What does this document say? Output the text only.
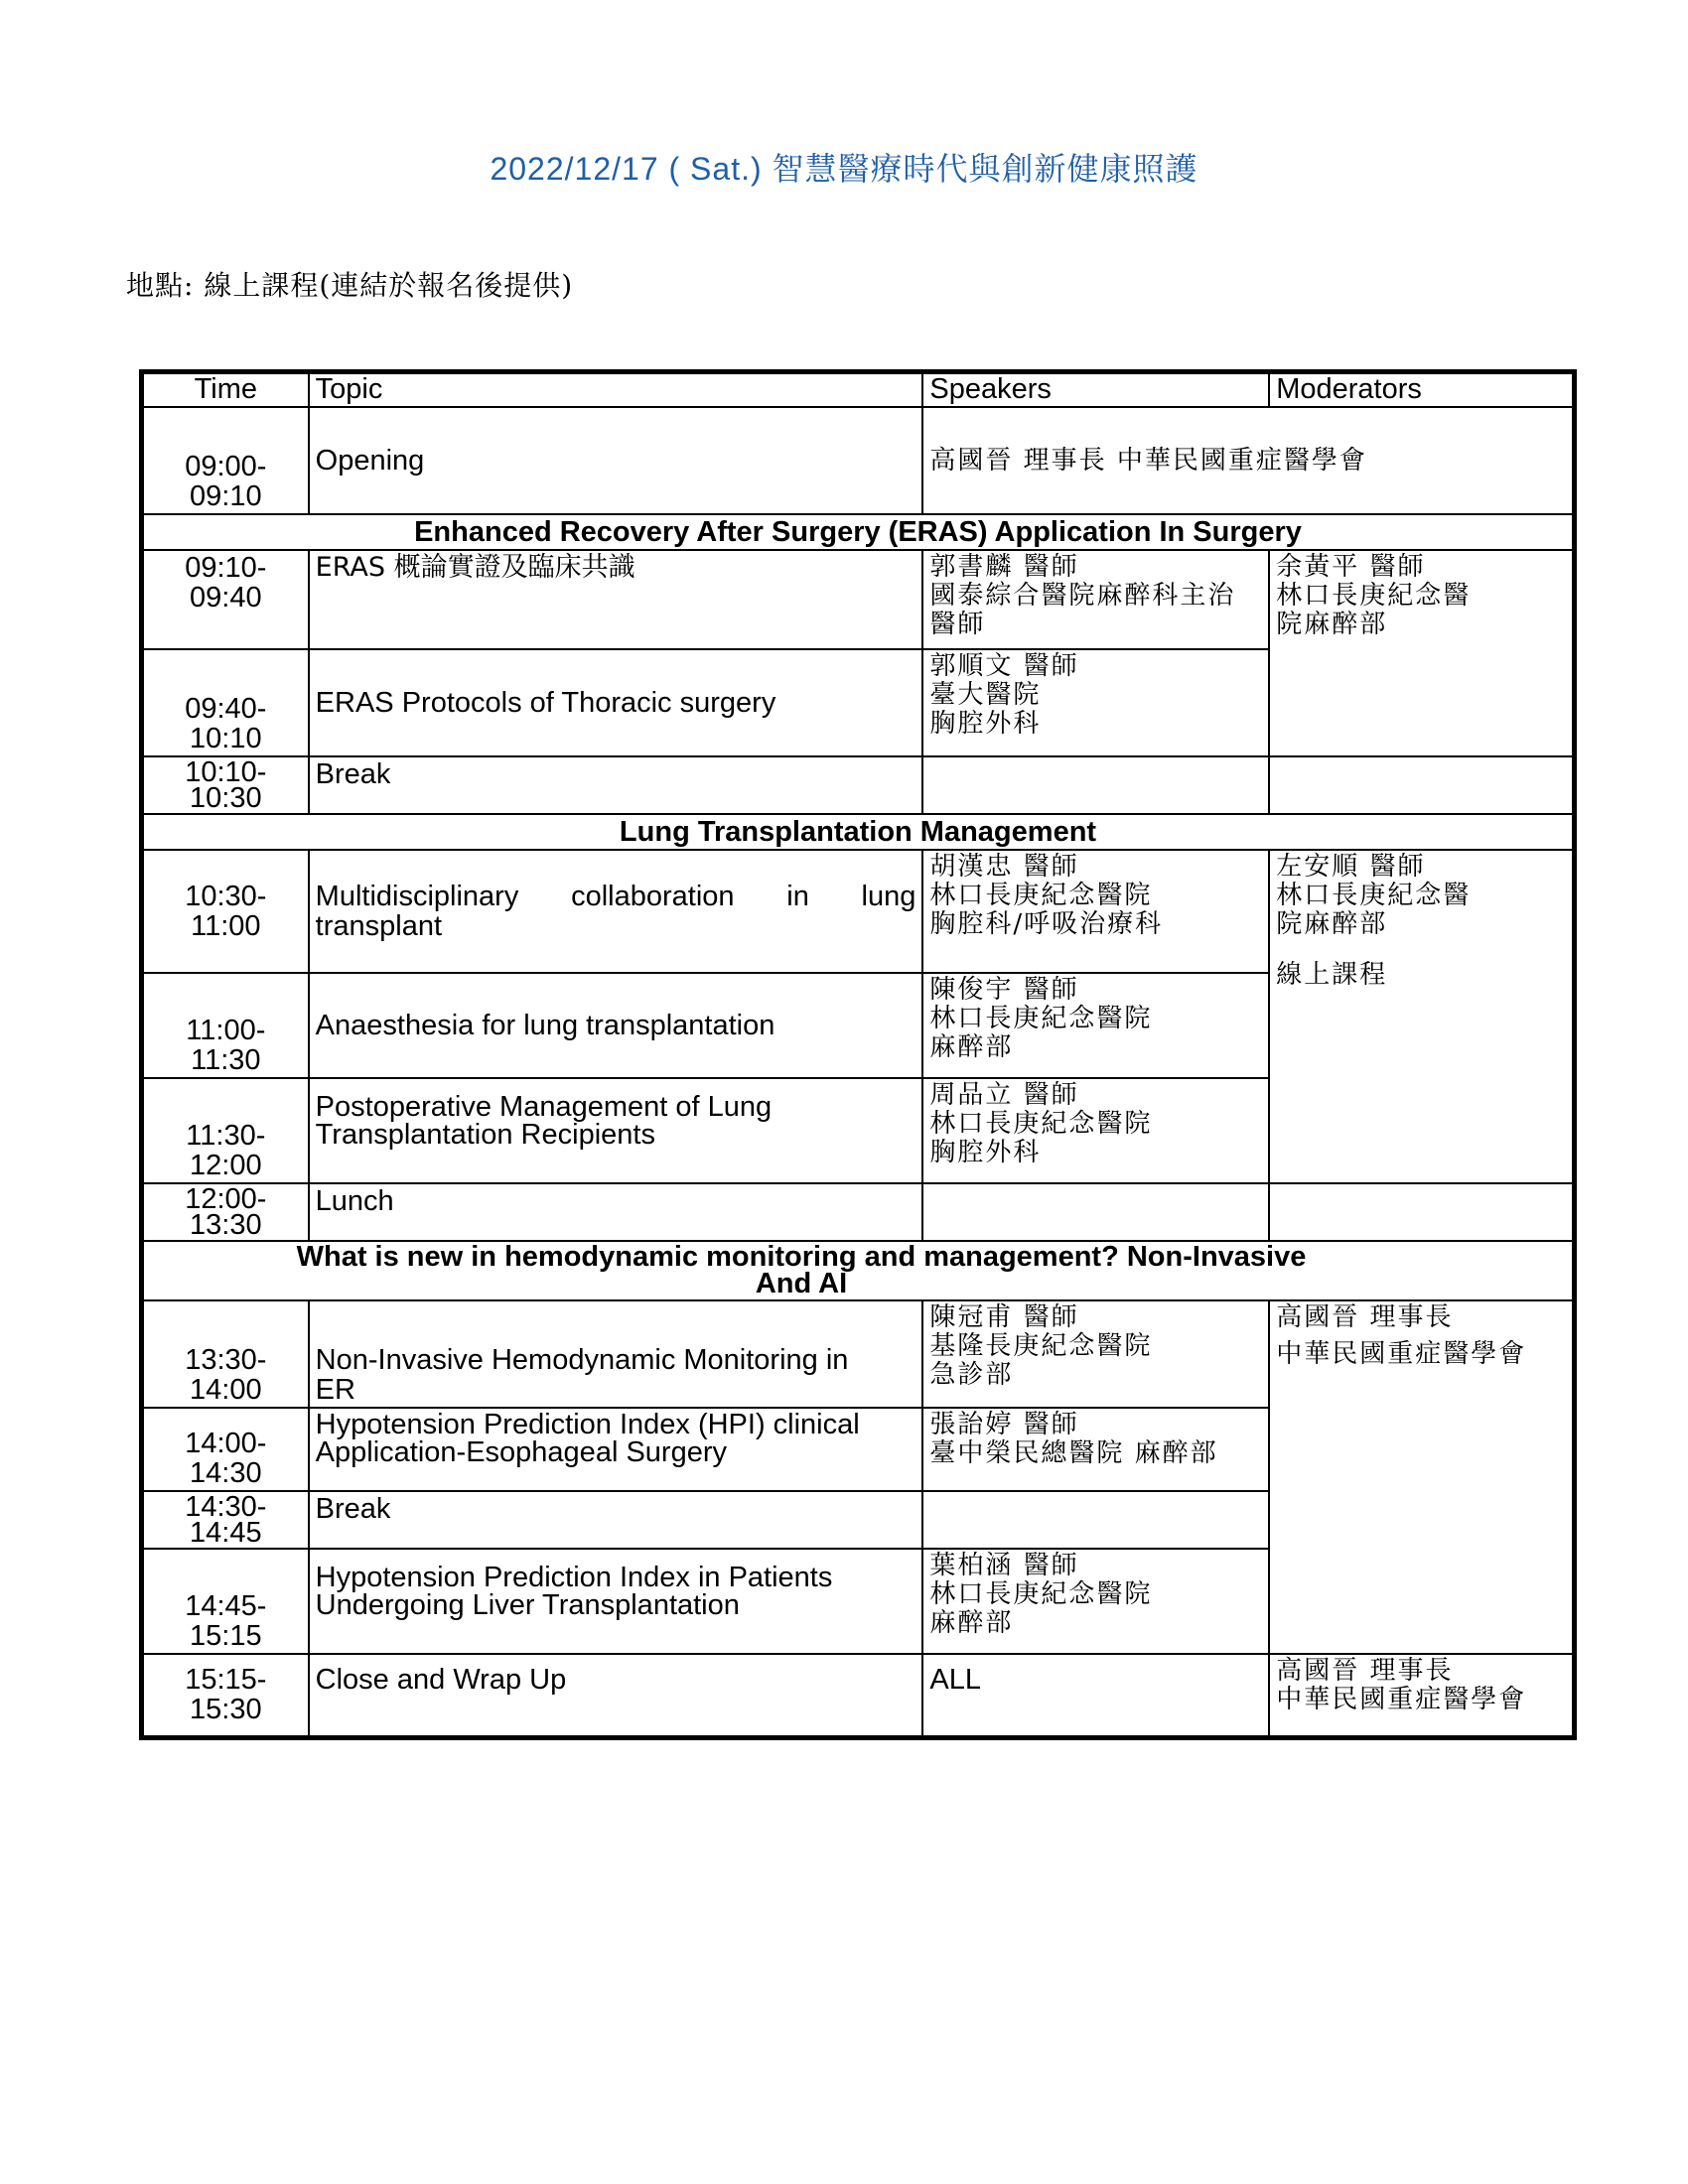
2022/12/17 ( Sat.) 智慧醫療時代與創新健康照護
地點: 線上課程(連結於報名後提供)
Time	Topic	Speakers	Moderators

09:00-
09:10	Opening	高國晉 理事長 中華民國重症醫學會	
Enhanced Recovery After Surgery (ERAS) Application In Surgery			

09:10-
09:40	ERAS 概論實證及臨床共識	郭書麟 醫師
國泰綜合醫院麻醉科主治
醫師	余黃平 醫師
林口長庚紀念醫
院麻醉部

09:40-
10:10	ERAS Protocols of Thoracic surgery	郭順文 醫師
臺大醫院
胸腔外科	

10:10-
10:30	Break		
Lung Transplantation Management			

10:30-
11:00	Multidisciplinary collaboration in lung
transplant	胡漢忠 醫師
林口長庚紀念醫院
胸腔科/呼吸治療科	左安順 醫師
林口長庚紀念醫
院麻醉部
線上課程

11:00-
11:30	Anaesthesia for lung transplantation	陳俊宇 醫師
林口長庚紀念醫院
麻醉部	

11:30-
12:00	Postoperative Management of Lung
Transplantation Recipients	周品立 醫師
林口長庚紀念醫院
胸腔外科	

12:00-
13:30	Lunch		

What is new in hemodynamic monitoring and management? Non-Invasive
And AI			

13:30-
14:00	Non-Invasive Hemodynamic Monitoring in
ER	陳冠甫 醫師
基隆長庚紀念醫院
急診部	高國晉 理事長
中華民國重症醫學會

14:00-
14:30	Hypotension Prediction Index (HPI) clinical
Application-Esophageal Surgery	張詒婷 醫師
臺中榮民總醫院 麻醉部	

14:30-
14:45	Break		

14:45-
15:15	Hypotension Prediction Index in Patients
Undergoing Liver Transplantation	葉柏涵 醫師
林口長庚紀念醫院
麻醉部	

15:15-
15:30	Close and Wrap Up	ALL	高國晉 理事長
中華民國重症醫學會
